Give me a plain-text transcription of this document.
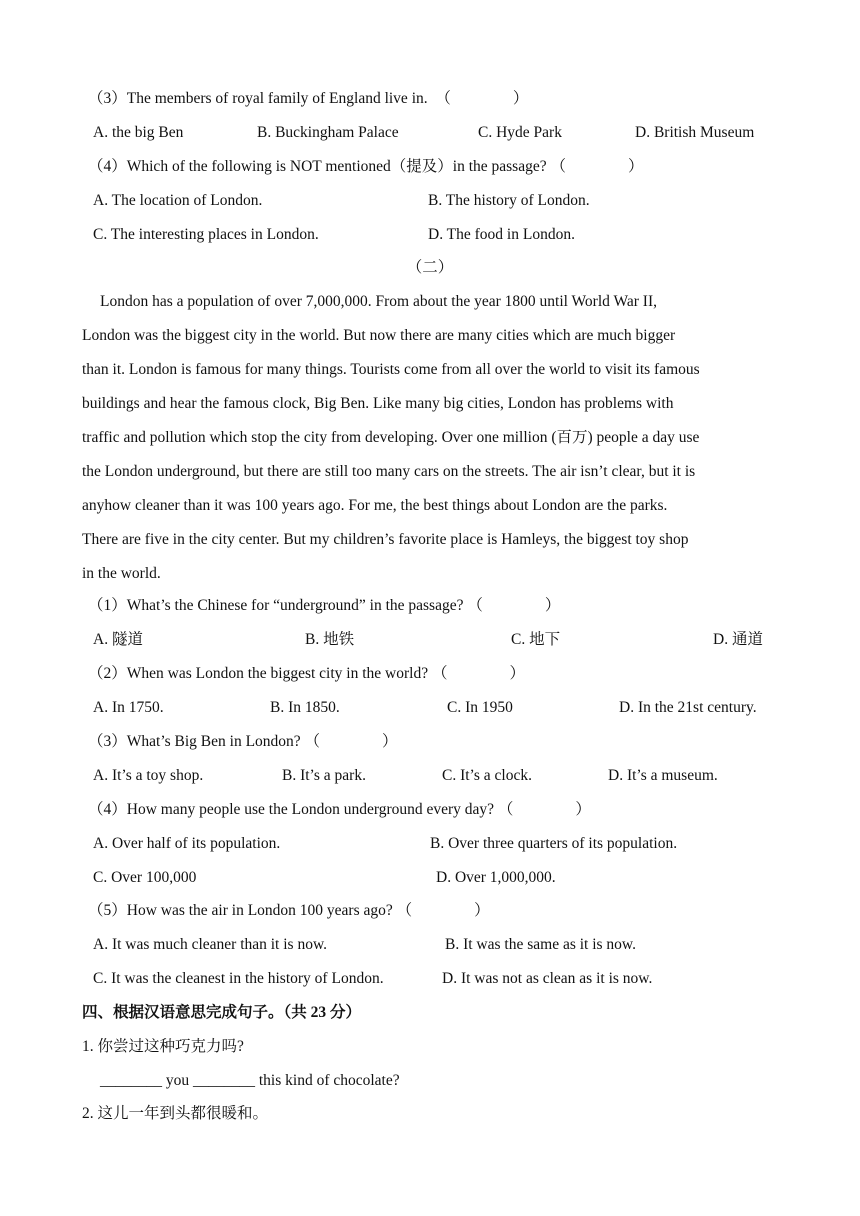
（3）The members of royal family of England live in.　（　　　　）
A. the big Ben	B. Buckingham Palace	C. Hyde Park	D. British Museum
（4）Which of the following is NOT mentioned（提及）in the passage? （　　　　）
A. The location of London.	B. The history of London.
C. The interesting places in London.	D. The food in London.
（二）
London has a population of over 7,000,000. From about the year 1800 until World War II,
London was the biggest city in the world. But now there are many cities which are much bigger
than it. London is famous for many things. Tourists come from all over the world to visit its famous
buildings and hear the famous clock, Big Ben. Like many big cities, London has problems with
traffic and pollution which stop the city from developing. Over one million (百万) people a day use
the London underground, but there are still too many cars on the streets. The air isn’t clear, but it is
anyhow cleaner than it was 100 years ago. For me, the best things about London are the parks.
There are five in the city center. But my children’s favorite place is Hamleys, the biggest toy shop
in the world.
（1）What’s the Chinese for “underground” in the passage? （　　　　）
A. 隧道	B. 地铁	C. 地下	D. 通道
（2）When was London the biggest city in the world? （　　　　）
A. In 1750.	B. In 1850.	C. In 1950	D. In the 21st century.
（3）What’s Big Ben in London? （　　　　）
A. It’s a toy shop.	B. It’s a park.	C. It’s a clock.	D. It’s a museum.
（4）How many people use the London underground every day? （　　　　）
A. Over half of its population.	B. Over three quarters of its population.
C. Over 100,000	D. Over 1,000,000.
（5）How was the air in London 100 years ago? （　　　　）
A. It was much cleaner than it is now.	B. It was the same as it is now.
C. It was the cleanest in the history of London.	D. It was not as clean as it is now.
四、根据汉语意思完成句子。（共 23 分）
1. 你尝过这种巧克力吗?
________ you ________ this kind of chocolate?
2. 这儿一年到头都很暖和。
